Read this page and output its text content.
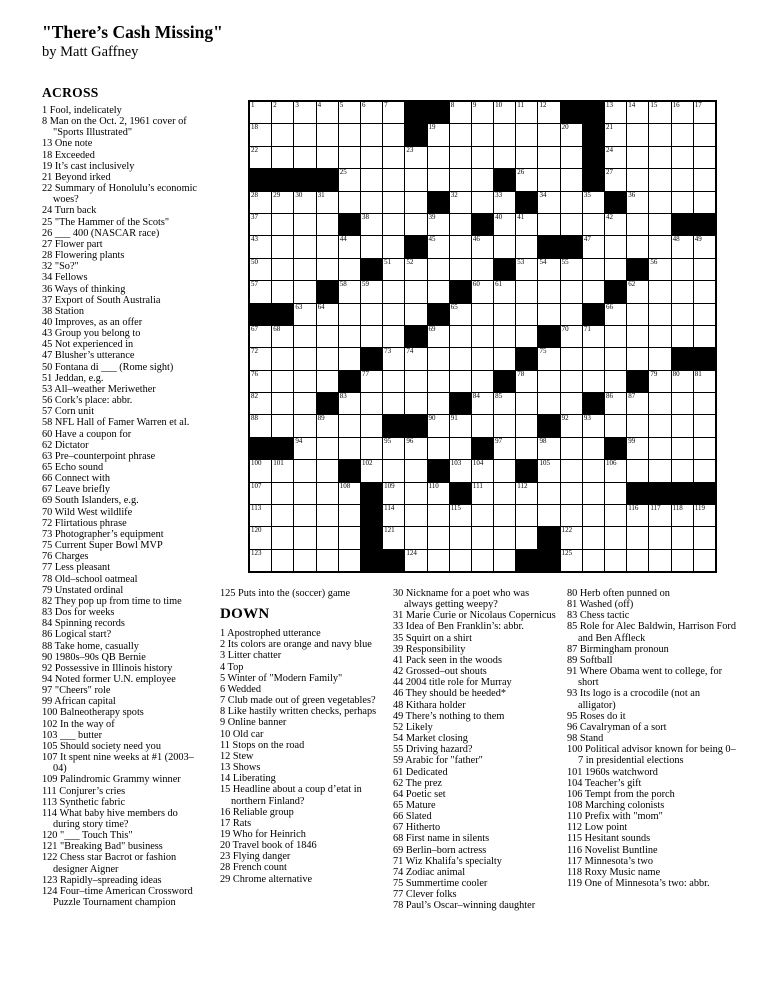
"There’s Cash Missing"
by Matt Gaffney
ACROSS
1 Fool, indelicately
8 Man on the Oct. 2, 1961 cover of "Sports Illustrated"
13 One note
18 Exceeded
19 It’s cast inclusively
21 Beyond irked
22 Summary of Honolulu’s economic woes?
24 Turn back
25 "The Hammer of the Scots"
26 ___ 400 (NASCAR race)
27 Flower part
28 Flowering plants
32 "So?"
34 Fellows
36 Ways of thinking
37 Export of South Australia
38 Station
40 Improves, as an offer
43 Group you belong to
45 Not experienced in
47 Blusher’s utterance
50 Fontana di ___ (Rome sight)
51 Jeddan, e.g.
53 All–weather Meriwether
56 Cork’s place: abbr.
57 Corn unit
58 NFL Hall of Famer Warren et al.
60 Have a coupon for
62 Dictator
63 Pre–counterpoint phrase
65 Echo sound
66 Connect with
67 Leave briefly
69 South Islanders, e.g.
70 Wild West wildlife
72 Flirtatious phrase
73 Photographer’s equipment
75 Current Super Bowl MVP
76 Charges
77 Less pleasant
78 Old–school oatmeal
79 Unstated ordinal
82 They pop up from time to time
83 Dos for weeks
84 Spinning records
86 Logical start?
88 Take home, casually
90 1980s–90s QB Bernie
92 Possessive in Illinois history
94 Noted former U.N. employee
97 "Cheers" role
99 African capital
100 Balneotherapy spots
102 In the way of
103 ___ butter
105 Should society need you
107 It spent nine weeks at #1 (2003–04)
109 Palindromic Grammy winner
111 Conjurer’s cries
113 Synthetic fabric
114 What baby hive members do during story time?
120 "___ Touch This"
121 "Breaking Bad" business
122 Chess star Bacrot or fashion designer Aigner
123 Rapidly–spreading ideas
124 Four–time American Crossword Puzzle Tournament champion
1	2	3	4	5	6	7	8	9	10 11 12	13 14 15 16 17
18	19	20	21
22	23	24
25	26	27
28 29 30 31	32	33	34	35	36
37	38	39	40 41	42
43	44	45	46	47	48 49
50	51 52	53 54 55	56
57	58 59	60 61	62
63 64	65	66
67 68	69	70 71
72	73 74	75
76	77	78	79 80 81
82	83	84 85	86 87
88	89	90 91	92 93
94	95 96	97	98	99
100 101	102	103 104	105	106
107	108	109	110	111	112
113	114	115	116 117 118 119
120	121	122
123	124	125
125 Puts into the (soccer) game
DOWN
1 Apostrophed utterance
2 Its colors are orange and navy blue
3 Litter chatter
4 Top
5 Winter of "Modern Family"
6 Wedded
7 Club made out of green vegetables?
8 Like hastily written checks, perhaps
9 Online banner
10 Old car
11 Stops on the road
12 Stew
13 Shows
14 Liberating
15 Headline about a coup d’etat in northern Finland?
16 Reliable group
17 Rats
19 Who for Heinrich
20 Travel book of 1846
23 Flying danger
28 French count
29 Chrome alternative
30 Nickname for a poet who was always getting weepy?
31 Marie Curie or Nicolaus Copernicus
33 Idea of Ben Franklin’s: abbr.
35 Squirt on a shirt
39 Responsibility
41 Pack seen in the woods
42 Grossed–out shouts
44 2004 title role for Murray
46 They should be heeded*
48 Kithara holder
49 There’s nothing to them
52 Likely
54 Market closing
55 Driving hazard?
59 Arabic for "father"
61 Dedicated
62 The prez
64 Poetic set
65 Mature
66 Slated
67 Hitherto
68 First name in silents
69 Berlin–born actress
71 Wiz Khalifa’s specialty
74 Zodiac animal
75 Summertime cooler
77 Clever folks
78 Paul’s Oscar–winning daughter
80 Herb often punned on
81 Washed (off)
83 Chess tactic
85 Role for Alec Baldwin, Harrison Ford and Ben Affleck
87 Birmingham pronoun
89 Softball
91 Where Obama went to college, for short
93 Its logo is a crocodile (not an alligator)
95 Roses do it
96 Cavalryman of a sort
98 Stand
100 Political advisor known for being 0–7 in presidential elections
101 1960s watchword
104 Teacher’s gift
106 Tempt from the porch
108 Marching colonists
110 Prefix with "mom"
112 Low point
115 Hesitant sounds
116 Novelist Buntline
117 Minnesota’s two
118 Roxy Music name
119 One of Minnesota’s two: abbr.
